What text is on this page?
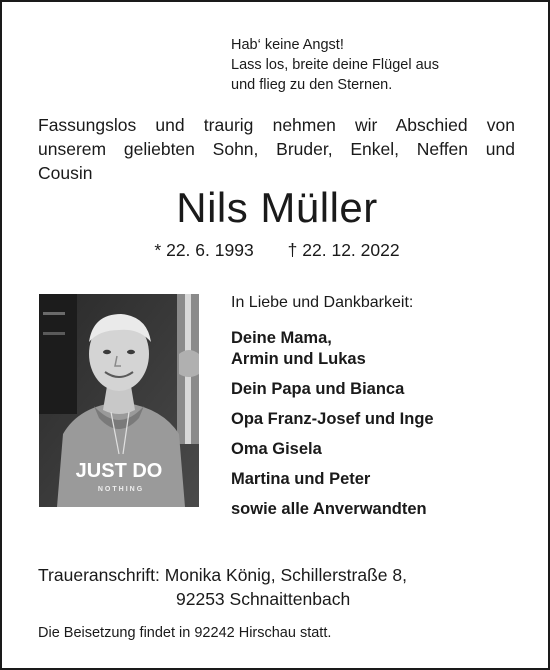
Hab‘ keine Angst!
Lass los, breite deine Flügel aus
und flieg zu den Sternen.
Fassungslos und traurig nehmen wir Abschied von
unserem geliebten Sohn, Bruder, Enkel, Neffen und
Cousin
Nils Müller
* 22. 6. 1993 † 22. 12. 2022
JUST DO
NOTHING
In Liebe und Dankbarkeit:
Deine Mama,
Armin und Lukas
Dein Papa und Bianca
Opa Franz-Josef und Inge
Oma Gisela
Martina und Peter
sowie alle Anverwandten
Traueranschrift: Monika König, Schillerstraße 8,
92253 Schnaittenbach
Die Beisetzung findet in 92242 Hirschau statt.
